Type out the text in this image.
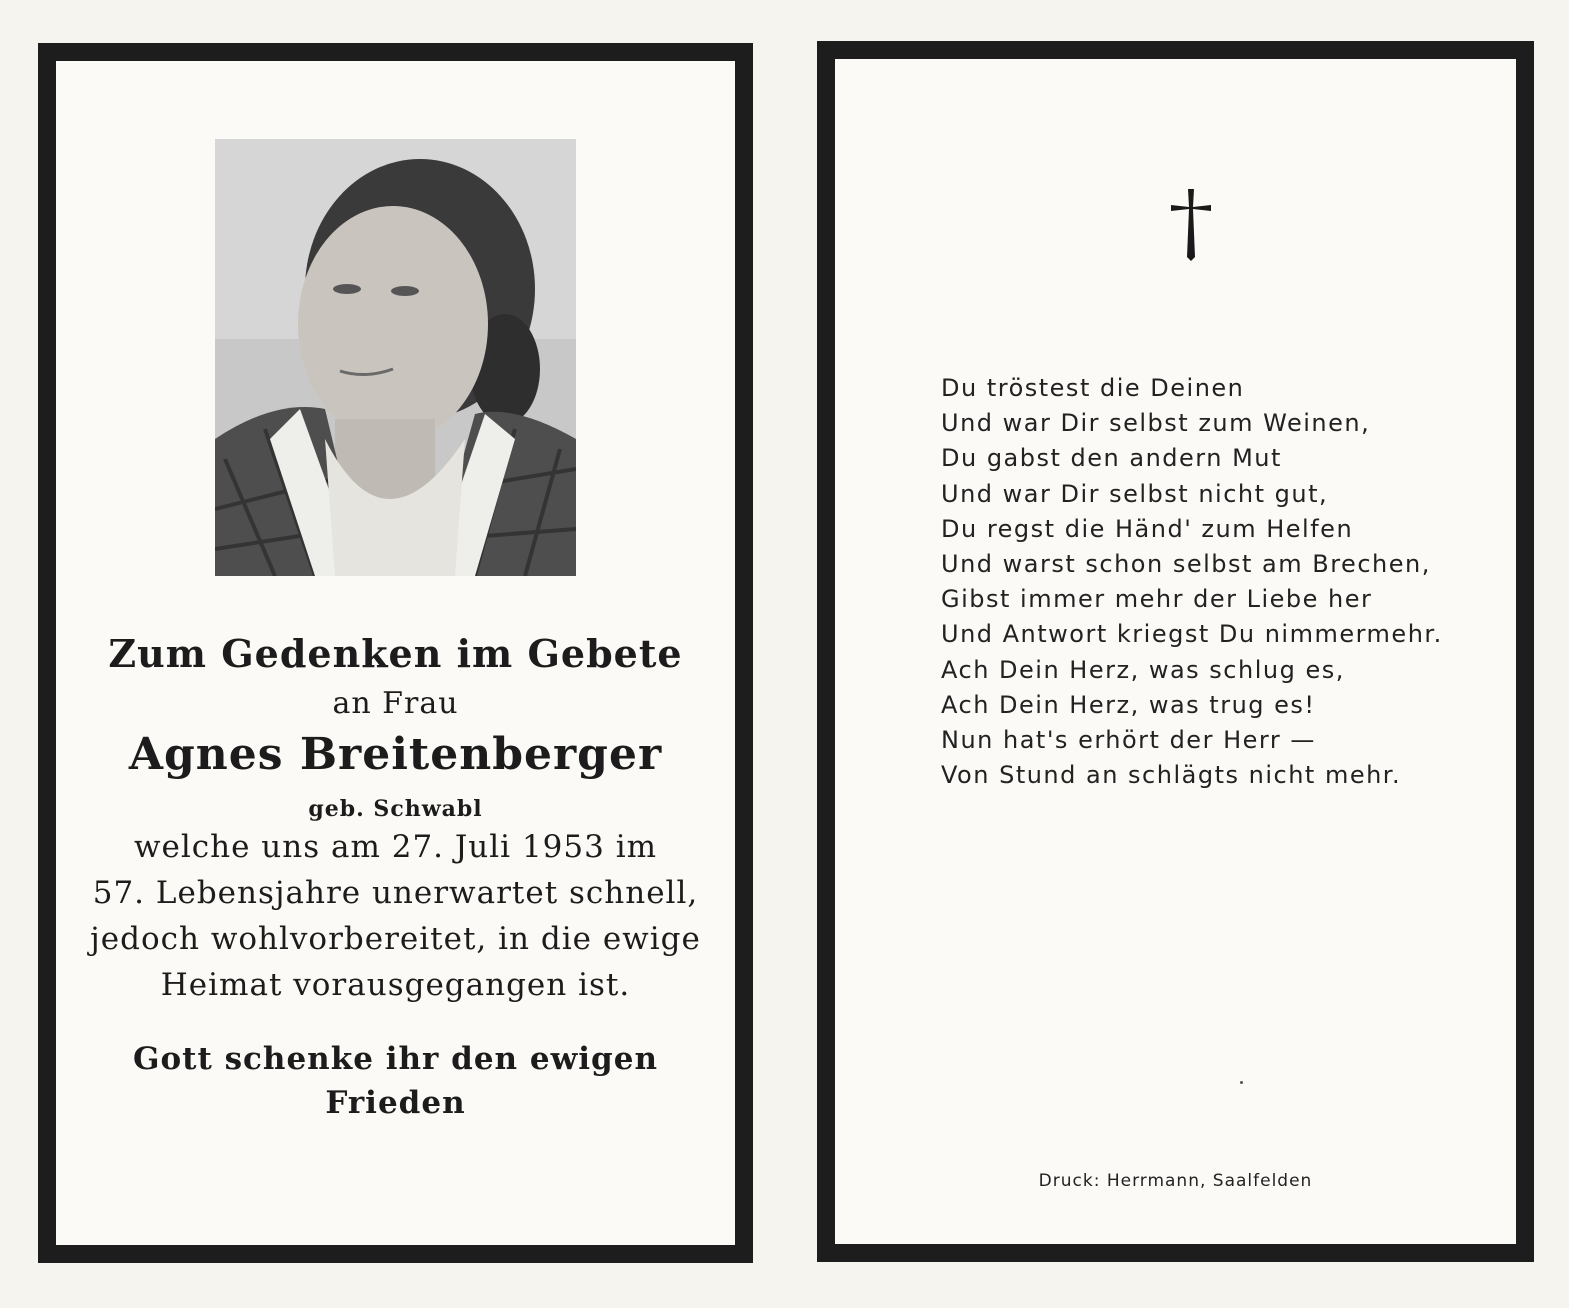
Zum Gedenken im Gebete
an Frau
Agnes Breitenberger
geb. Schwabl
welche uns am 27. Juli 1953 im
57. Lebensjahre unerwartet schnell,
jedoch wohlvorbereitet, in die ewige
Heimat vorausgegangen ist.
Gott schenke ihr den ewigen
Frieden
Du tröstest die Deinen
Und war Dir selbst zum Weinen,
Du gabst den andern Mut
Und war Dir selbst nicht gut,
Du regst die Händ' zum Helfen
Und warst schon selbst am Brechen,
Gibst immer mehr der Liebe her
Und Antwort kriegst Du nimmermehr.
Ach Dein Herz, was schlug es,
Ach Dein Herz, was trug es!
Nun hat's erhört der Herr —
Von Stund an schlägts nicht mehr.
Druck: Herrmann, Saalfelden
